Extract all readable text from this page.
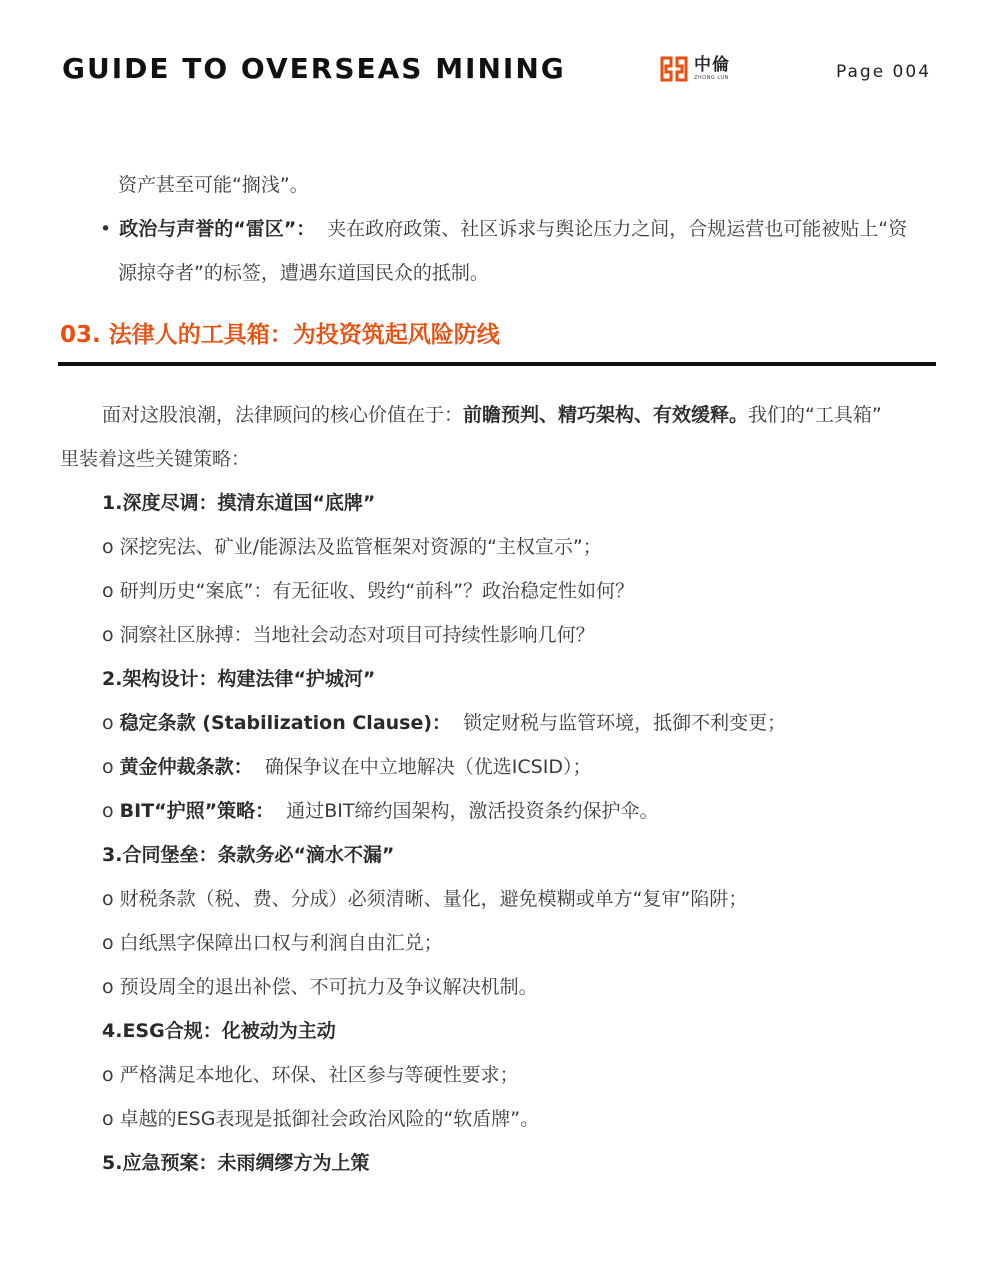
GUIDE TO OVERSEAS MINING	中倫
ZHONG LUN	Page 004
资产甚至可能“搁浅”。
• 政治与声誉的“雷区”： 夹在政府政策、社区诉求与舆论压力之间，合规运营也可能被贴上“资
源掠夺者”的标签，遭遇东道国民众的抵制。
03. 法律人的工具箱：为投资筑起风险防线
面对这股浪潮，法律顾问的核心价值在于：前瞻预判、精巧架构、有效缓释。我们的“工具箱”
里装着这些关键策略：
1.深度尽调：摸清东道国“底牌”
o 深挖宪法、矿业/能源法及监管框架对资源的“主权宣示”；
o 研判历史“案底”：有无征收、毁约“前科”？政治稳定性如何？
o 洞察社区脉搏：当地社会动态对项目可持续性影响几何？
2.架构设计：构建法律“护城河”
o 稳定条款 (Stabilization Clause)： 锁定财税与监管环境，抵御不利变更；
o 黄金仲裁条款： 确保争议在中立地解决（优选ICSID）；
o BIT“护照”策略： 通过BIT缔约国架构，激活投资条约保护伞。
3.合同堡垒：条款务必“滴水不漏”
o 财税条款（税、费、分成）必须清晰、量化，避免模糊或单方“复审”陷阱；
o 白纸黑字保障出口权与利润自由汇兑；
o 预设周全的退出补偿、不可抗力及争议解决机制。
4.ESG合规：化被动为主动
o 严格满足本地化、环保、社区参与等硬性要求；
o 卓越的ESG表现是抵御社会政治风险的“软盾牌”。
5.应急预案：未雨绸缪方为上策
